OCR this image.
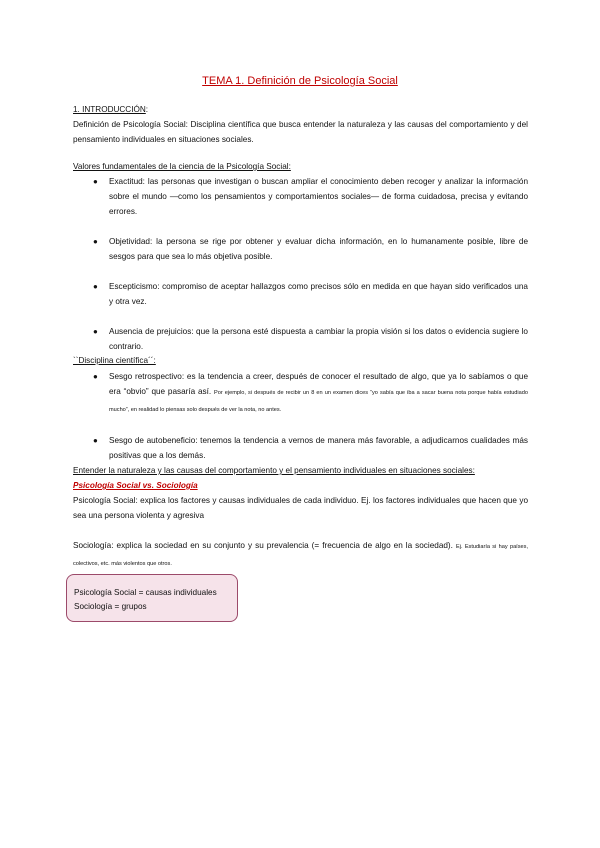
TEMA 1. Definición de Psicología Social
1. INTRODUCCIÓN:
Definición de Psicología Social: Disciplina científica que busca entender la naturaleza y las causas del comportamiento y del pensamiento individuales en situaciones sociales.
Valores fundamentales de la ciencia de la Psicología Social:
● Exactitud: las personas que investigan o buscan ampliar el conocimiento deben recoger y analizar la información sobre el mundo —como los pensamientos y comportamientos sociales— de forma cuidadosa, precisa y evitando errores.
● Objetividad: la persona se rige por obtener y evaluar dicha información, en lo humanamente posible, libre de sesgos para que sea lo más objetiva posible.
● Escepticismo: compromiso de aceptar hallazgos como precisos sólo en medida en que hayan sido verificados una y otra vez.
● Ausencia de prejuicios: que la persona esté dispuesta a cambiar la propia visión si los datos o evidencia sugiere lo contrario.
``Disciplina científica´´:
● Sesgo retrospectivo: es la tendencia a creer, después de conocer el resultado de algo, que ya lo sabíamos o que era “obvio” que pasaría así. Por ejemplo, si después de recibir un 8 en un examen dices “yo sabía que iba a sacar buena nota porque había estudiado mucho”, en realidad lo piensas solo después de ver la nota, no antes.
● Sesgo de autobeneficio: tenemos la tendencia a vernos de manera más favorable, a adjudicarnos cualidades más positivas que a los demás.
Entender la naturaleza y las causas del comportamiento y el pensamiento individuales en situaciones sociales:
Psicología Social vs. Sociología
Psicología Social: explica los factores y causas individuales de cada individuo. Ej. los factores individuales que hacen que yo sea una persona violenta y agresiva
Sociología: explica la sociedad en su conjunto y su prevalencia (= frecuencia de algo en la sociedad). Ej. Estudiaría si hay países, colectivos, etc. más violentos que otros.
Psicología Social = causas individuales
Sociología = grupos
